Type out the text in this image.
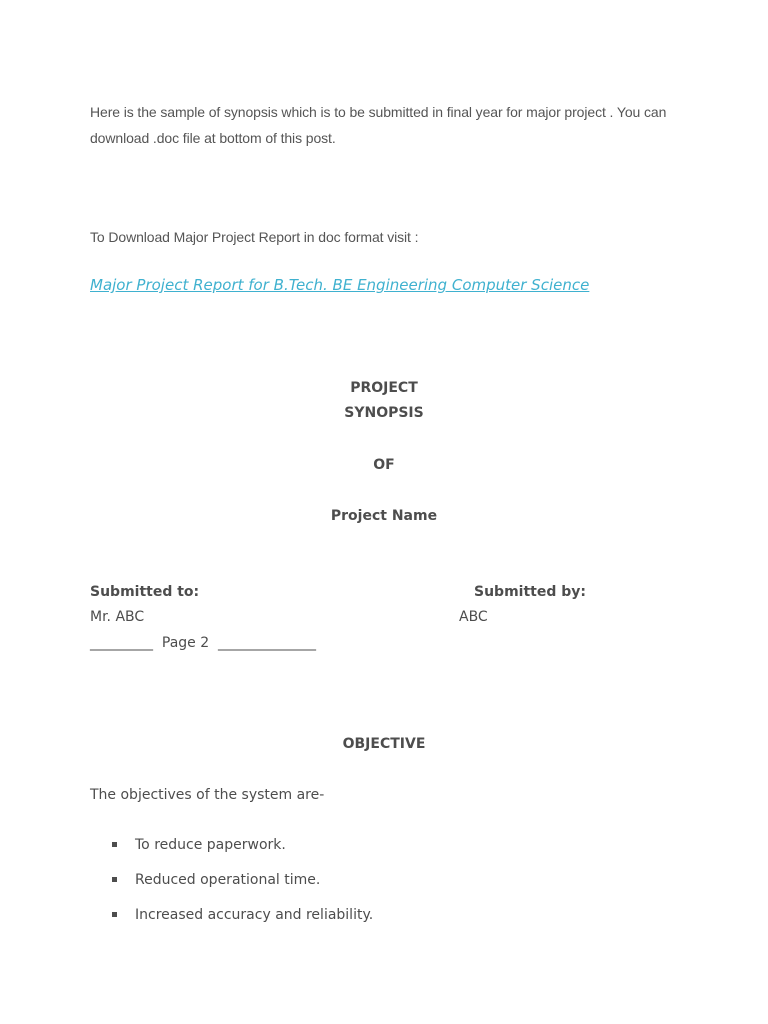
Here is the sample of synopsis which is to be submitted in final year for major project . You can download .doc file at bottom of this post.
To Download Major Project Report in doc format visit :
Major Project Report for B.Tech. BE Engineering Computer Science
PROJECT
SYNOPSIS
OF
Project Name
Submitted to:
Mr. ABC
Submitted by:
ABC
_________  Page 2  ______________
OBJECTIVE
The objectives of the system are-
To reduce paperwork.
Reduced operational time.
Increased accuracy and reliability.
